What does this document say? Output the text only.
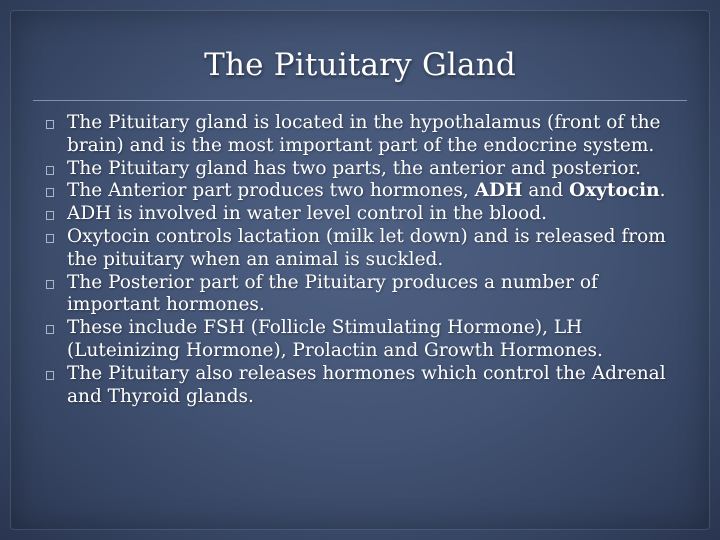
The Pituitary Gland
The Pituitary gland is located in the hypothalamus (front of the brain) and is the most important part of the endocrine system.
The Pituitary gland has two parts, the anterior and posterior.
The Anterior part produces two hormones, ADH and Oxytocin.
ADH is involved in water level control in the blood.
Oxytocin controls lactation (milk let down) and is released from the pituitary when an animal is suckled.
The Posterior part of the Pituitary produces a number of important hormones.
These include FSH (Follicle Stimulating Hormone), LH (Luteinizing Hormone), Prolactin and Growth Hormones.
The Pituitary also releases hormones which control the Adrenal and Thyroid glands.
